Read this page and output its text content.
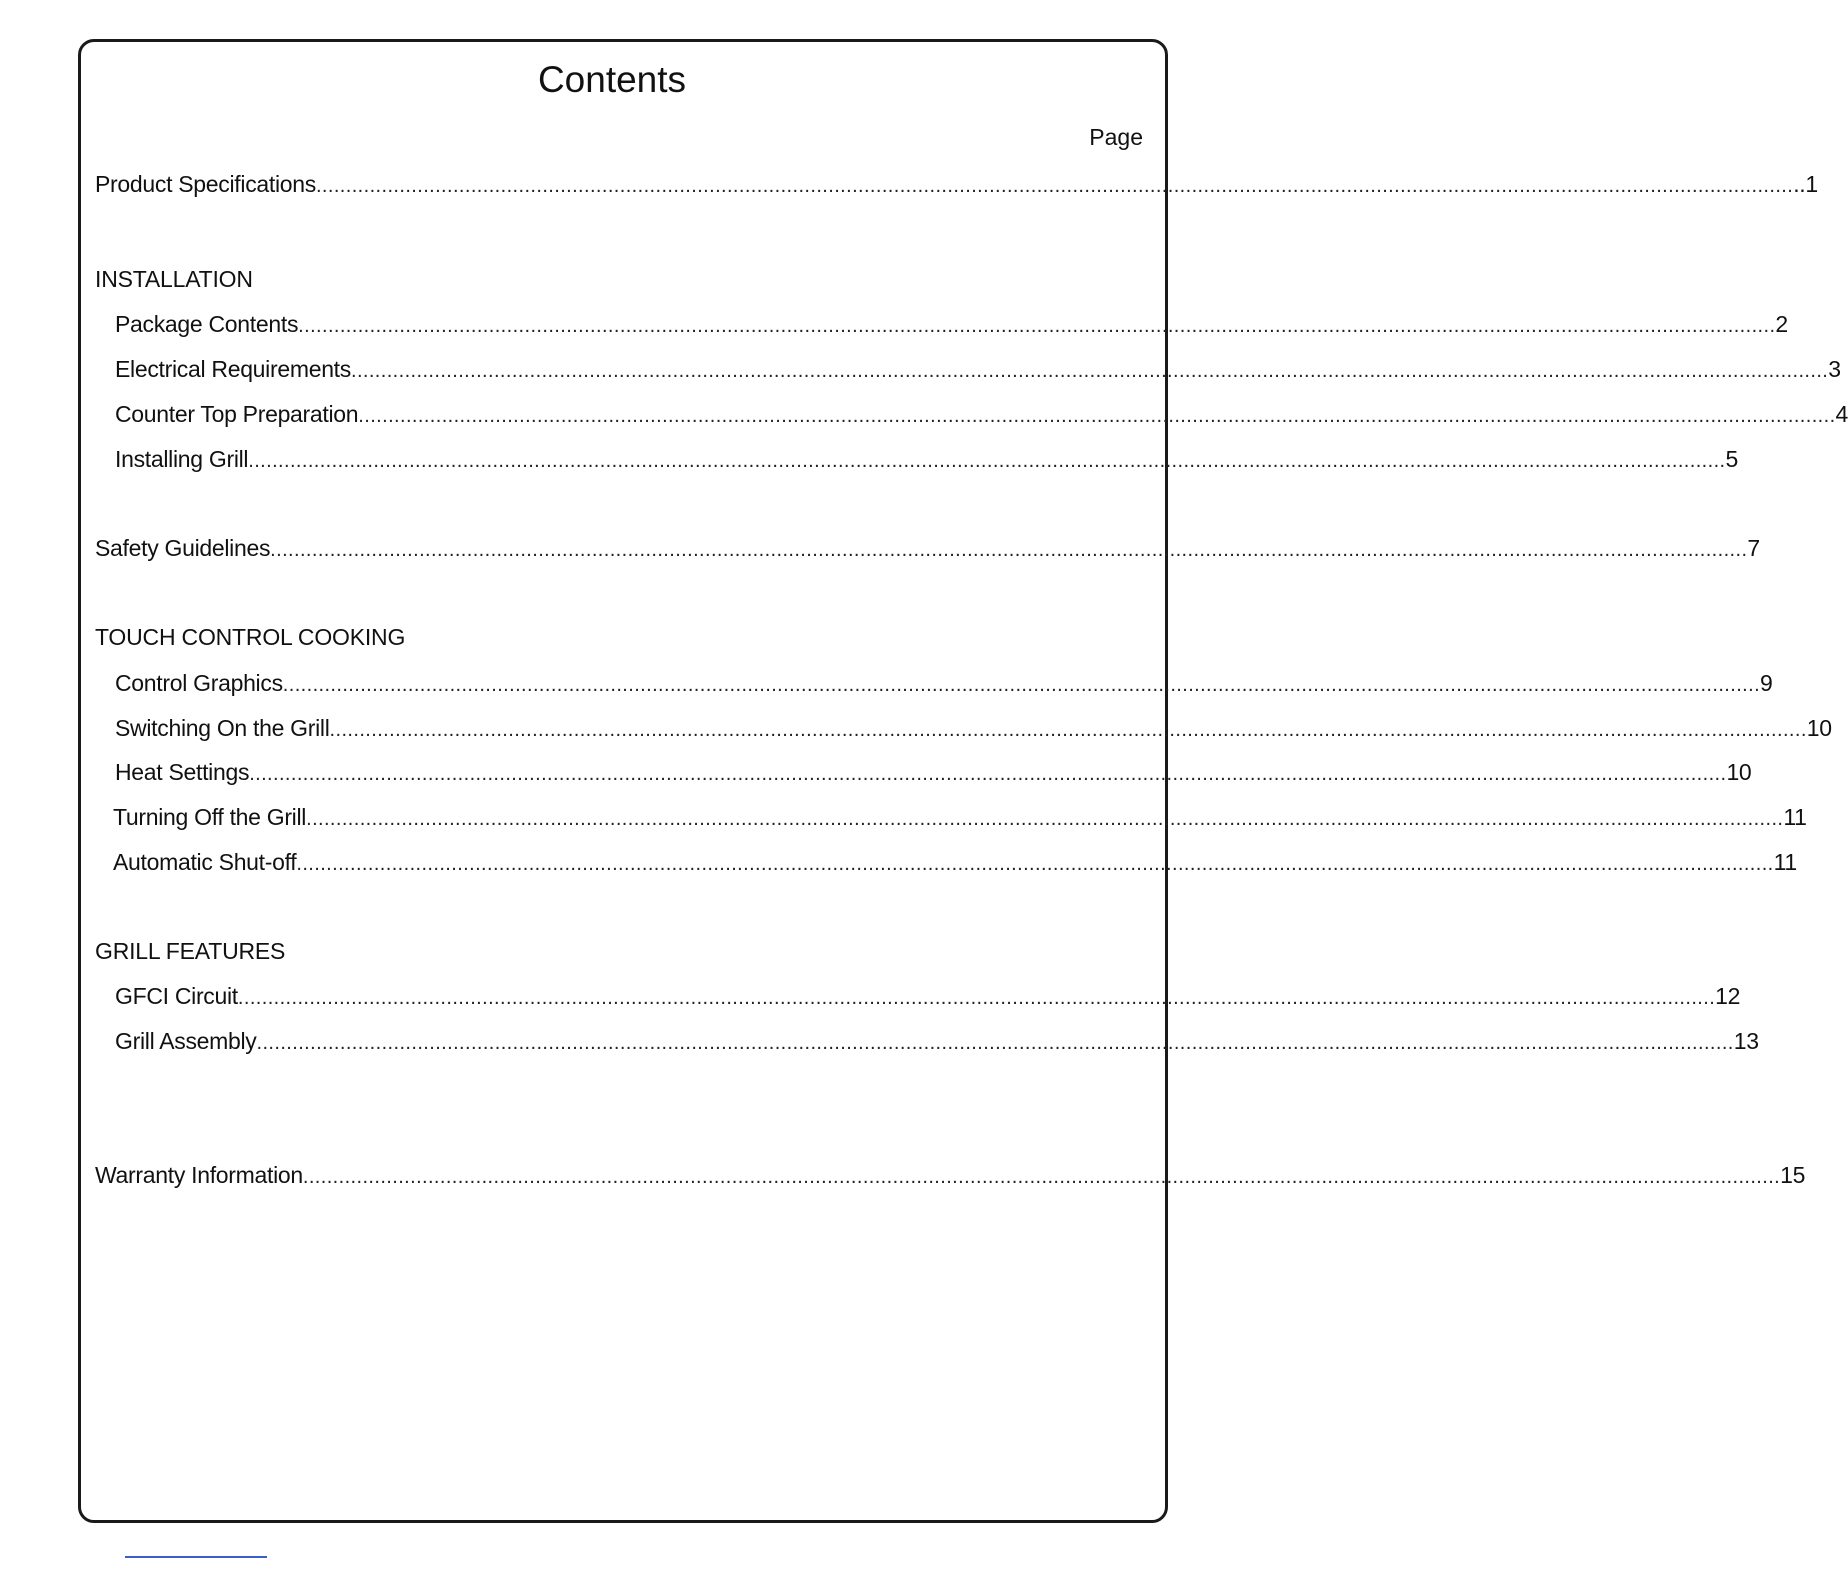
Contents
Page
Product Specifications ........................................................................................................................................................................................................................................................ ..1
INSTALLATION
Package Contents ........................................................................................................................................................................................................................................................ 2
Electrical Requirements ........................................................................................................................................................................................................................................................ 3
Counter Top Preparation ........................................................................................................................................................................................................................................................ 4
Installing Grill ........................................................................................................................................................................................................................................................ 5
Safety Guidelines ........................................................................................................................................................................................................................................................ 7
TOUCH CONTROL COOKING
Control Graphics ........................................................................................................................................................................................................................................................ 9
Switching On the Grill ........................................................................................................................................................................................................................................................ 10
Heat Settings ........................................................................................................................................................................................................................................................ 10
Turning Off the Grill ........................................................................................................................................................................................................................................................ 11
Automatic Shut-off ........................................................................................................................................................................................................................................................ 11
GRILL FEATURES
GFCI Circuit ........................................................................................................................................................................................................................................................ 12
Grill Assembly ........................................................................................................................................................................................................................................................ 13
Warranty Information ........................................................................................................................................................................................................................................................ 15
